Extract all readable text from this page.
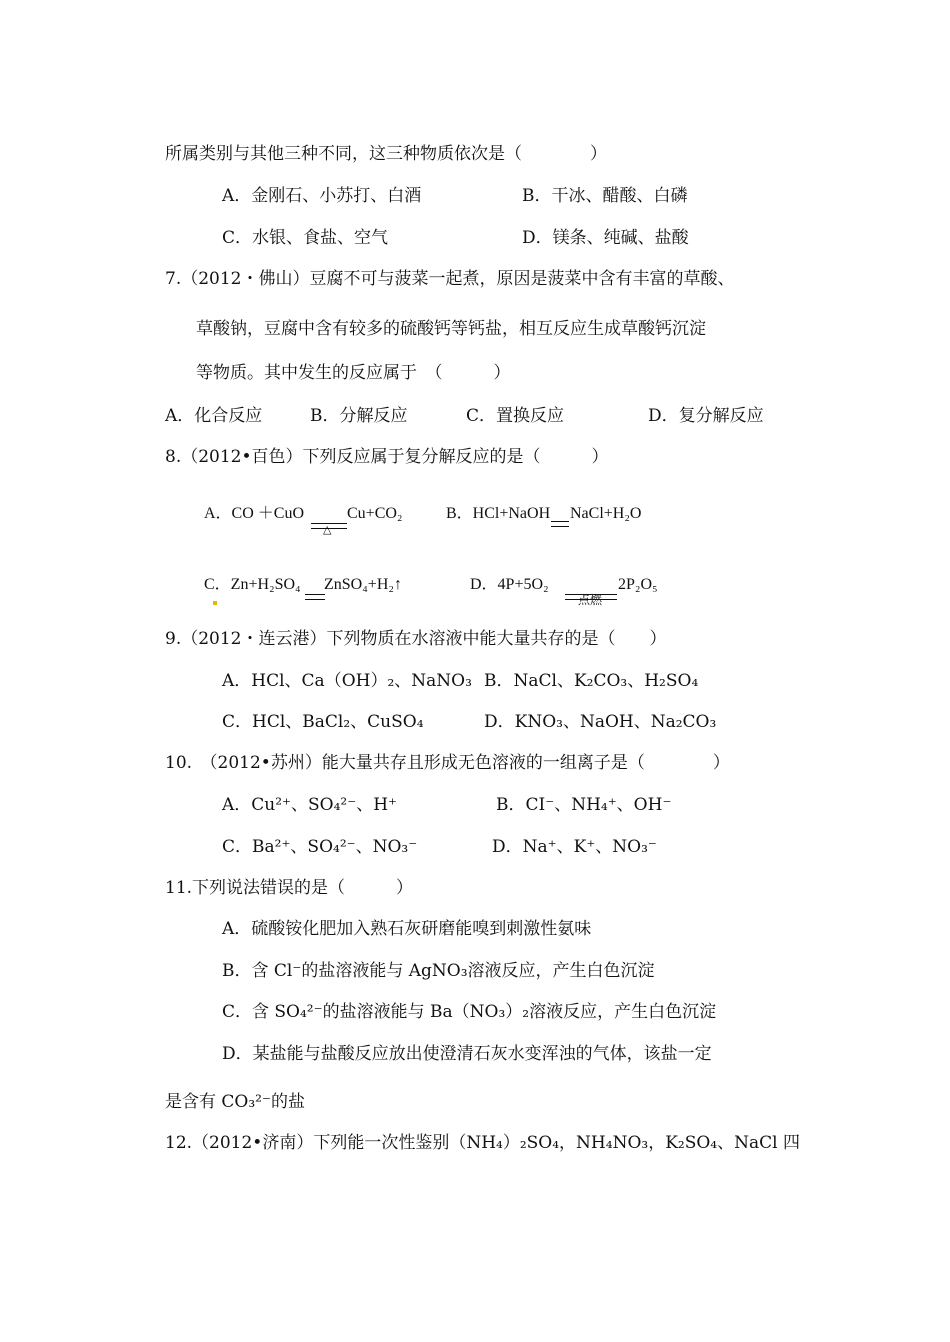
所属类别与其他三种不同，这三种物质依次是（　　　　）
A．金刚石、小苏打、白酒	B．干冰、醋酸、白磷
C．水银、食盐、空气	D．镁条、纯碱、盐酸
7.（2012・佛山）豆腐不可与菠菜一起煮，原因是菠菜中含有丰富的草酸、
草酸钠，豆腐中含有较多的硫酸钙等钙盐，相互反应生成草酸钙沉淀
等物质。其中发生的反应属于　（　　　）
A．化合反应	B．分解反应	C．置换反应	D．复分解反应
8.（2012•百色）下列反应属于复分解反应的是（　　　）
A．CO ＋CuO	Cu+CO₂
△
B．HCl+NaOH NaCl+H₂O
C．Zn+H₂SO₄ ZnSO₄+H₂↑	D．4P+5O₂	2P₂O₅
点燃
9.（2012・连云港）下列物质在水溶液中能大量共存的是（　　）
A．HCl、Ca（OH）₂、NaNO₃ B．NaCl、K₂CO₃、H₂SO₄
C．HCl、BaCl₂、CuSO₄	D．KNO₃、NaOH、Na₂CO₃
10.　（2012•苏州）能大量共存且形成无色溶液的一组离子是（　　　　）
A．Cu²⁺、SO₄²⁻、H⁺	B．CI⁻、NH₄⁺、OH⁻
C．Ba²⁺、SO₄²⁻、NO₃⁻	D．Na⁺、K⁺、NO₃⁻
11.下列说法错误的是（　　　）
A．硫酸铵化肥加入熟石灰研磨能嗅到刺激性氨味
B．含 Cl⁻的盐溶液能与 AgNO₃溶液反应，产生白色沉淀
C．含 SO₄²⁻的盐溶液能与 Ba（NO₃）₂溶液反应，产生白色沉淀
D．某盐能与盐酸反应放出使澄清石灰水变浑浊的气体，该盐一定
是含有 CO₃²⁻的盐
12.（2012•济南）下列能一次性鉴别（NH₄）₂SO₄，NH₄NO₃，K₂SO₄、NaCl 四
